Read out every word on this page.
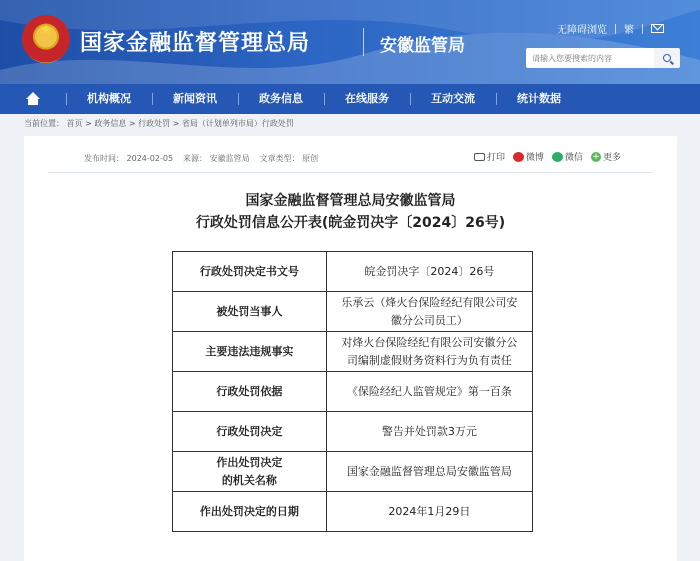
★
国家金融监督管理总局	安徽监管局
无障碍浏览 繁
请输入您要搜索的内容
机构概况	新闻资讯	政务信息	在线服务	互动交流	统计数据
当前位置： 首页 > 政务信息 > 行政处罚 > 省局（计划单列市局）行政处罚
发布时间： 2024-02-05 来源： 安徽监管局 文章类型： 原创	打印 微博 微信 + 更多
国家金融监督管理总局安徽监管局
行政处罚信息公开表(皖金罚决字〔2024〕26号)
行政处罚决定书文号	皖金罚决字〔2024〕26号
被处罚当事人	乐承云（烽火台保险经纪有限公司安徽分公司员工）
主要违法违规事实	对烽火台保险经纪有限公司安徽分公司编制虚假财务资料行为负有责任
行政处罚依据	《保险经纪人监管规定》第一百条
行政处罚决定	警告并处罚款3万元
作出处罚决定的机关名称	国家金融监督管理总局安徽监管局
作出处罚决定的日期	2024年1月29日
